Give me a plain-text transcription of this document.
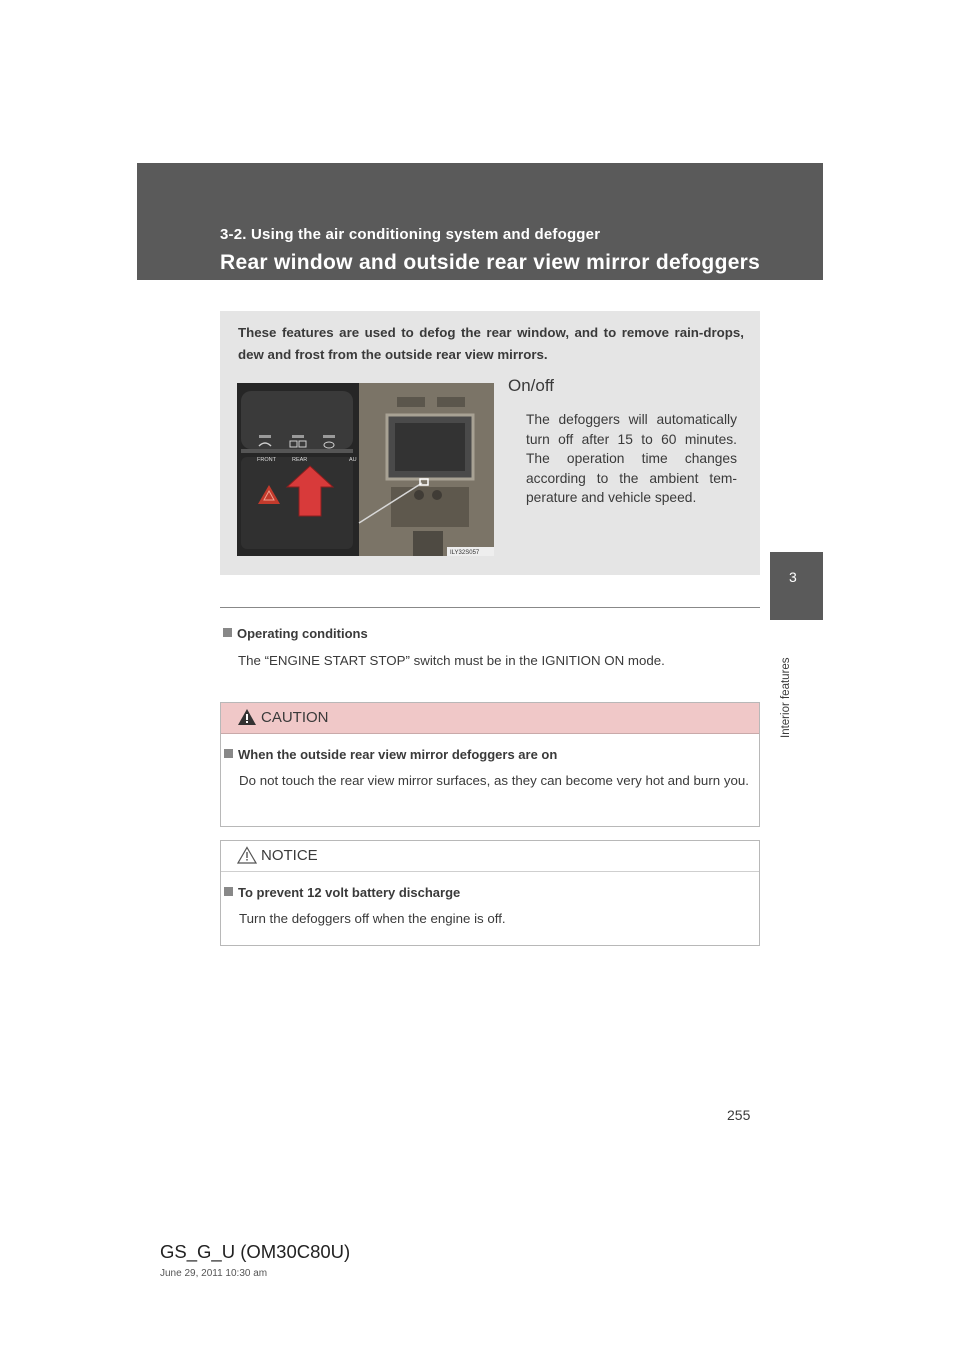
3-2. Using the air conditioning system and defogger
Rear window and outside rear view mirror defoggers
3
Interior features
These features are used to defog the rear window, and to remove rain-drops, dew and frost from the outside rear view mirrors.
FRONT	REAR	AU
ILY32S057
On/off
The defoggers will automatically turn off after 15 to 60 minutes. The operation time changes according to the ambient tem-perature and vehicle speed.
Operating conditions
The “ENGINE START STOP” switch must be in the IGNITION ON mode.
CAUTION
When the outside rear view mirror defoggers are on
Do not touch the rear view mirror surfaces, as they can become very hot and burn you.
NOTICE
To prevent 12 volt battery discharge
Turn the defoggers off when the engine is off.
255
GS_G_U (OM30C80U)
June 29, 2011 10:30 am
